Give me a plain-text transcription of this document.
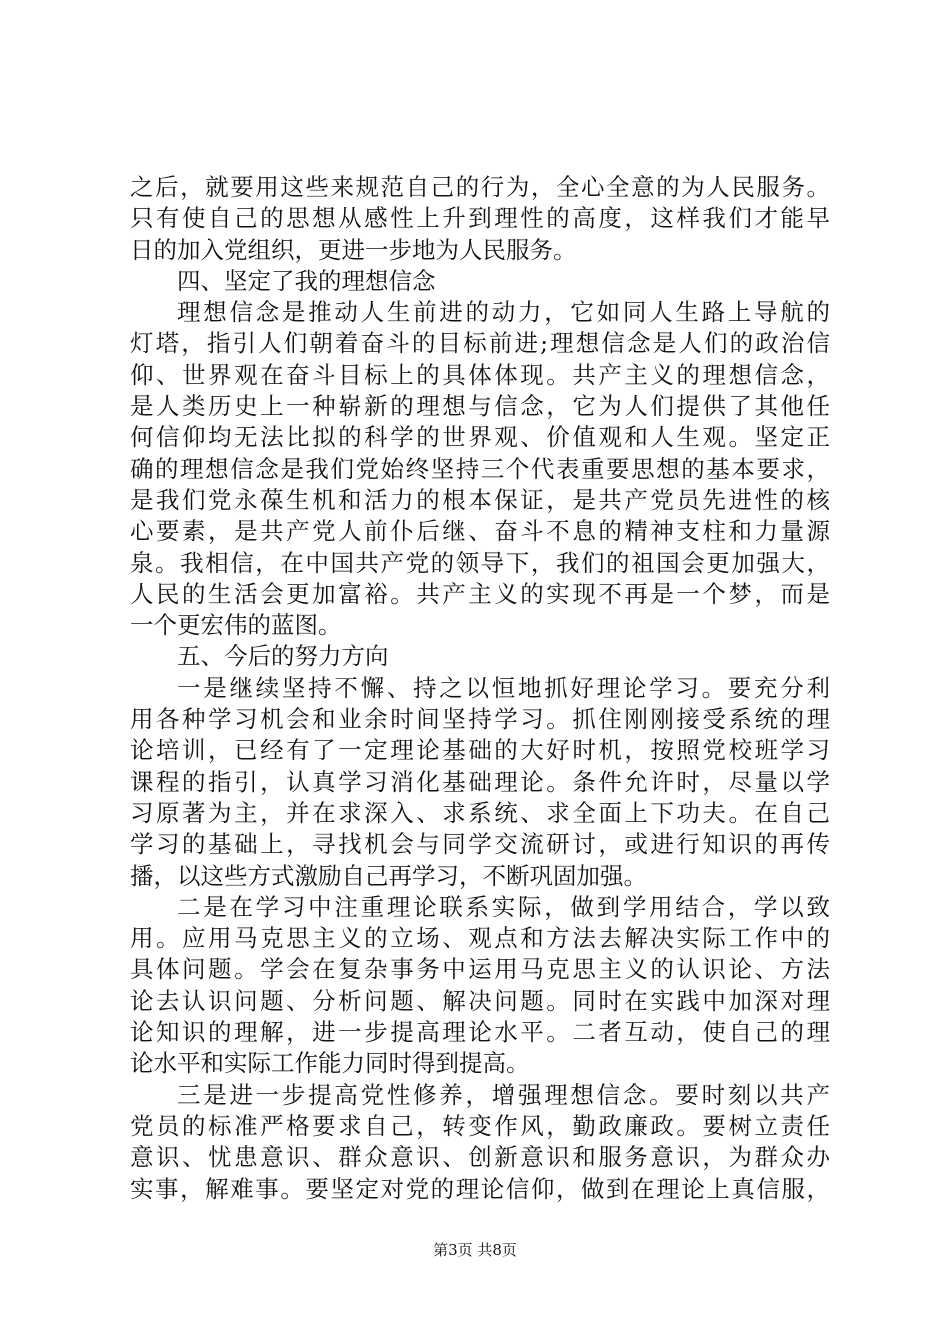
之后，就要用这些来规范自己的行为，全心全意的为人民服务。
只有使自己的思想从感性上升到理性的高度，这样我们才能早
日的加入党组织，更进一步地为人民服务。
四、坚定了我的理想信念
理想信念是推动人生前进的动力，它如同人生路上导航的
灯塔，指引人们朝着奋斗的目标前进;理想信念是人们的政治信
仰、世界观在奋斗目标上的具体体现。共产主义的理想信念，
是人类历史上一种崭新的理想与信念，它为人们提供了其他任
何信仰均无法比拟的科学的世界观、价值观和人生观。坚定正
确的理想信念是我们党始终坚持三个代表重要思想的基本要求，
是我们党永葆生机和活力的根本保证，是共产党员先进性的核
心要素，是共产党人前仆后继、奋斗不息的精神支柱和力量源
泉。我相信，在中国共产党的领导下，我们的祖国会更加强大，
人民的生活会更加富裕。共产主义的实现不再是一个梦，而是
一个更宏伟的蓝图。
五、今后的努力方向
一是继续坚持不懈、持之以恒地抓好理论学习。要充分利
用各种学习机会和业余时间坚持学习。抓住刚刚接受系统的理
论培训，已经有了一定理论基础的大好时机，按照党校班学习
课程的指引，认真学习消化基础理论。条件允许时，尽量以学
习原著为主，并在求深入、求系统、求全面上下功夫。在自己
学习的基础上，寻找机会与同学交流研讨，或进行知识的再传
播，以这些方式激励自己再学习，不断巩固加强。
二是在学习中注重理论联系实际，做到学用结合，学以致
用。应用马克思主义的立场、观点和方法去解决实际工作中的
具体问题。学会在复杂事务中运用马克思主义的认识论、方法
论去认识问题、分析问题、解决问题。同时在实践中加深对理
论知识的理解，进一步提高理论水平。二者互动，使自己的理
论水平和实际工作能力同时得到提高。
三是进一步提高党性修养，增强理想信念。要时刻以共产
党员的标准严格要求自己，转变作风，勤政廉政。要树立责任
意识、忧患意识、群众意识、创新意识和服务意识，为群众办
实事，解难事。要坚定对党的理论信仰，做到在理论上真信服，
第3页 共8页
